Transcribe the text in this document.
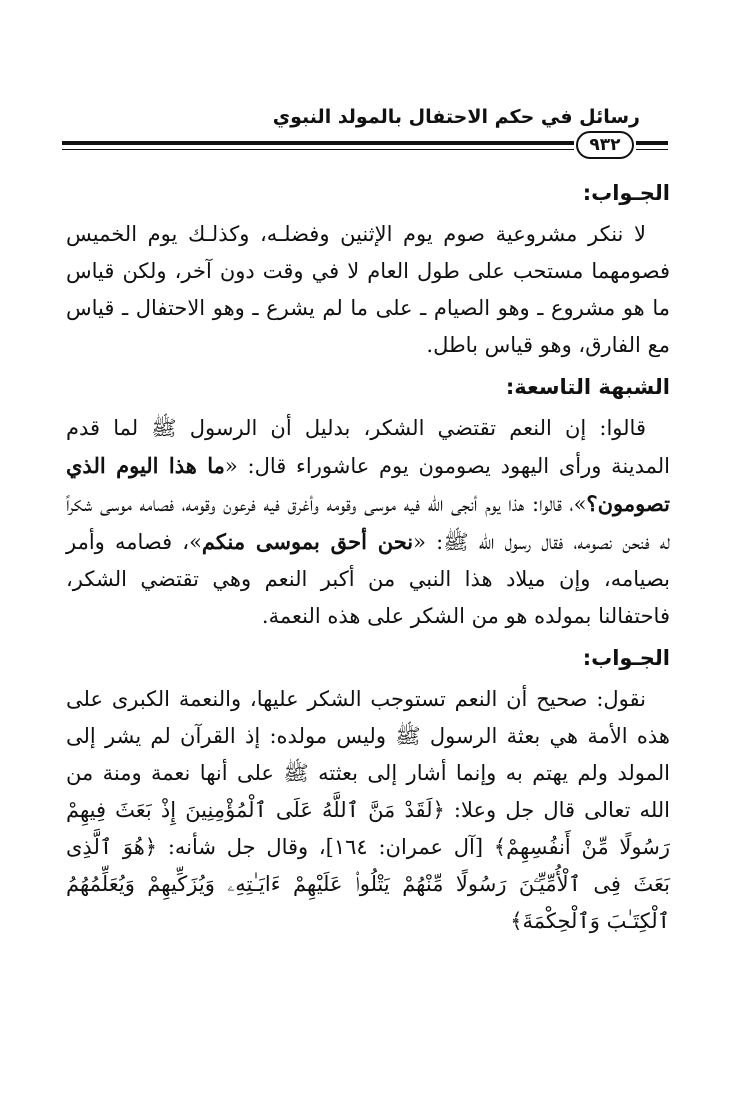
رسائل في حكم الاحتفال بالمولد النبوي
٩٣٢

الجـواب:

لا ننكر مشروعية صوم يوم الإثنين وفضلـه، وكذلـك يوم الخميس فصومهما مستحب على طول العام لا في وقت دون آخر، ولكن قياس ما هو مشروع ـ وهو الصيام ـ على ما لم يشرع ـ وهو الاحتفال ـ قياس مع الفارق، وهو قياس باطل.

الشبهة التاسعة:

قالوا: إن النعم تقتضي الشكر، بدليل أن الرسول ﷺ لما قدم المدينة ورأى اليهود يصومون يوم عاشوراء قال: «ما هذا اليوم الذي تصومون؟»، قالوا: هذا يوم أنجى الله فيه موسى وقومه وأغرق فيه فرعون وقومه، فصامه موسى شكراً له فنحن نصومه، فقال رسول الله ﷺ: «نحن أحق بموسى منكم»، فصامه وأمر بصيامه، وإن ميلاد هذا النبي من أكبر النعم وهي تقتضي الشكر، فاحتفالنا بمولده هو من الشكر على هذه النعمة.

الجـواب:

نقول: صحيح أن النعم تستوجب الشكر عليها، والنعمة الكبرى على هذه الأمة هي بعثة الرسول ﷺ وليس مولده: إذ القرآن لم يشر إلى المولد ولم يهتم به وإنما أشار إلى بعثته ﷺ على أنها نعمة ومنة من الله تعالى قال جل وعلا: ﴿لَقَدْ مَنَّ ٱللَّهُ عَلَى ٱلْمُؤْمِنِينَ إِذْ بَعَثَ فِيهِمْ رَسُولًا مِّنْ أَنفُسِهِمْ﴾ [آل عمران: ١٦٤]، وقال جل شأنه: ﴿هُوَ ٱلَّذِى بَعَثَ فِى ٱلْأُمِّيِّـۧنَ رَسُولًا مِّنْهُمْ يَتْلُوا۟ عَلَيْهِمْ ءَايَـٰتِهِۦ وَيُزَكِّيهِمْ وَيُعَلِّمُهُمُ ٱلْكِتَـٰبَ وَٱلْحِكْمَةَ﴾
